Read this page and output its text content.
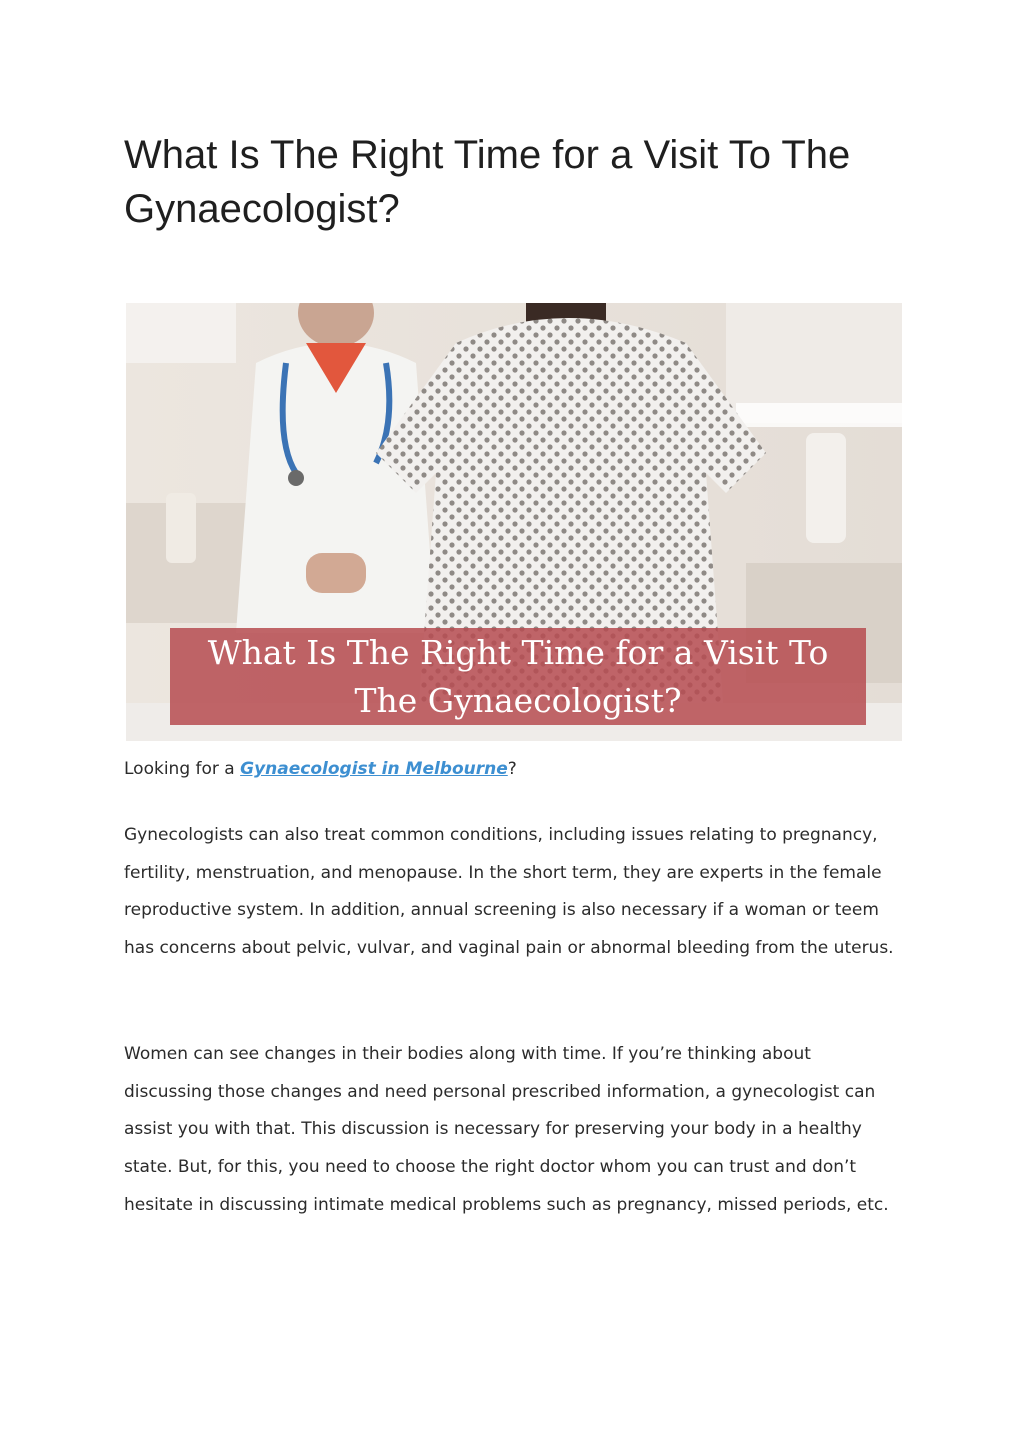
What Is The Right Time for a Visit To The Gynaecologist?
What Is The Right Time for a Visit To
The Gynaecologist?

Looking for a Gynaecologist in Melbourne?

Gynecologists can also treat common conditions, including issues relating to pregnancy, fertility, menstruation, and menopause. In the short term, they are experts in the female reproductive system. In addition, annual screening is also necessary if a woman or teem has concerns about pelvic, vulvar, and vaginal pain or abnormal bleeding from the uterus.

Women can see changes in their bodies along with time. If you’re thinking about discussing those changes and need personal prescribed information, a gynecologist can assist you with that. This discussion is necessary for preserving your body in a healthy state. But, for this, you need to choose the right doctor whom you can trust and don’t hesitate in discussing intimate medical problems such as pregnancy, missed periods, etc.
